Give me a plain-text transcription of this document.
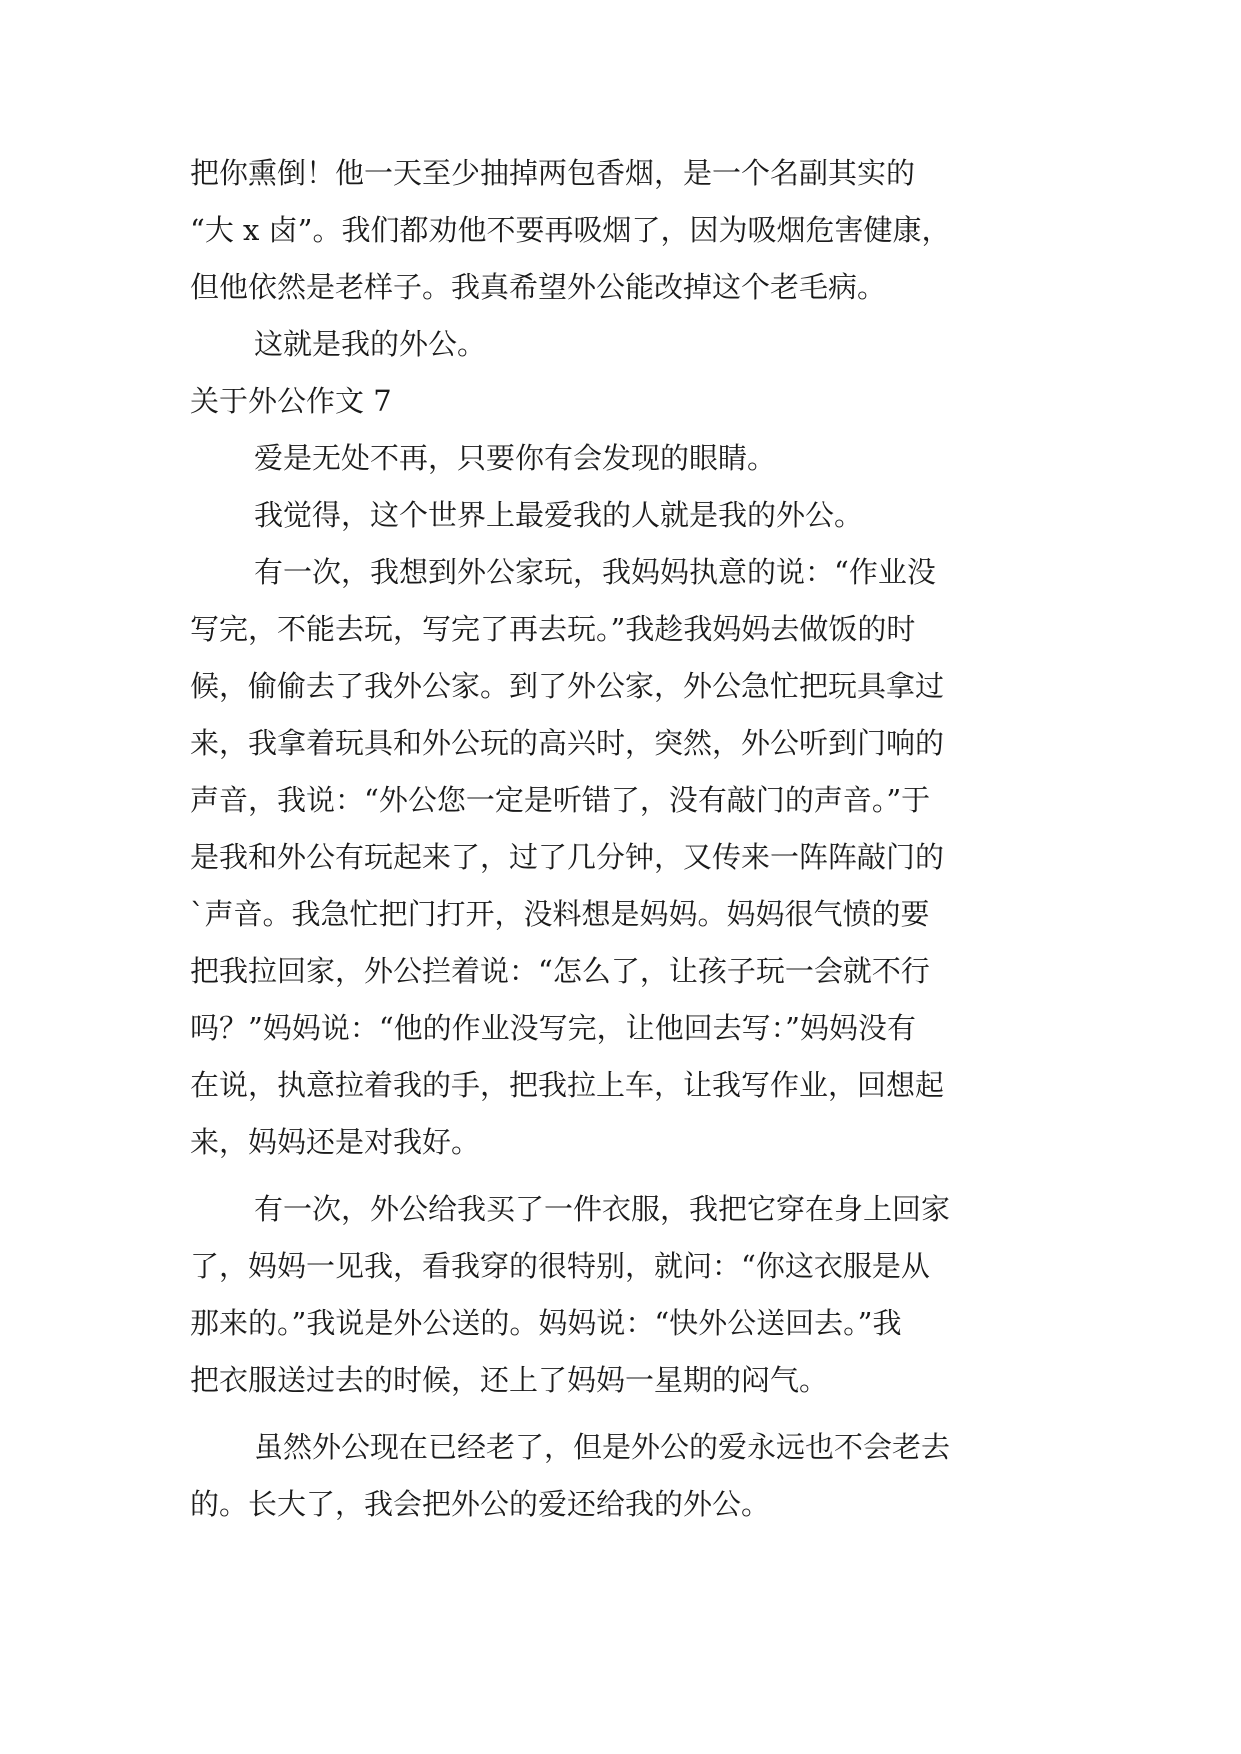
把你熏倒！他一天至少抽掉两包香烟，是一个名副其实的
“大 x 卤”。我们都劝他不要再吸烟了，因为吸烟危害健康，
但他依然是老样子。我真希望外公能改掉这个老毛病。
这就是我的外公。
关于外公作文 7
爱是无处不再，只要你有会发现的眼睛。
我觉得，这个世界上最爱我的人就是我的外公。
有一次，我想到外公家玩，我妈妈执意的说：“作业没
写完，不能去玩，写完了再去玩。”我趁我妈妈去做饭的时
候，偷偷去了我外公家。到了外公家，外公急忙把玩具拿过
来，我拿着玩具和外公玩的高兴时，突然，外公听到门响的
声音，我说：“外公您一定是听错了，没有敲门的声音。”于
是我和外公有玩起来了，过了几分钟，又传来一阵阵敲门的
`声音。我急忙把门打开，没料想是妈妈。妈妈很气愤的要
把我拉回家，外公拦着说：“怎么了，让孩子玩一会就不行
吗？”妈妈说：“他的作业没写完，让他回去写：”妈妈没有
在说，执意拉着我的手，把我拉上车，让我写作业，回想起
来，妈妈还是对我好。
有一次，外公给我买了一件衣服，我把它穿在身上回家
了，妈妈一见我，看我穿的很特别，就问：“你这衣服是从
那来的。”我说是外公送的。妈妈说：“快外公送回去。”我
把衣服送过去的时候，还上了妈妈一星期的闷气。
虽然外公现在已经老了，但是外公的爱永远也不会老去
的。长大了，我会把外公的爱还给我的外公。
